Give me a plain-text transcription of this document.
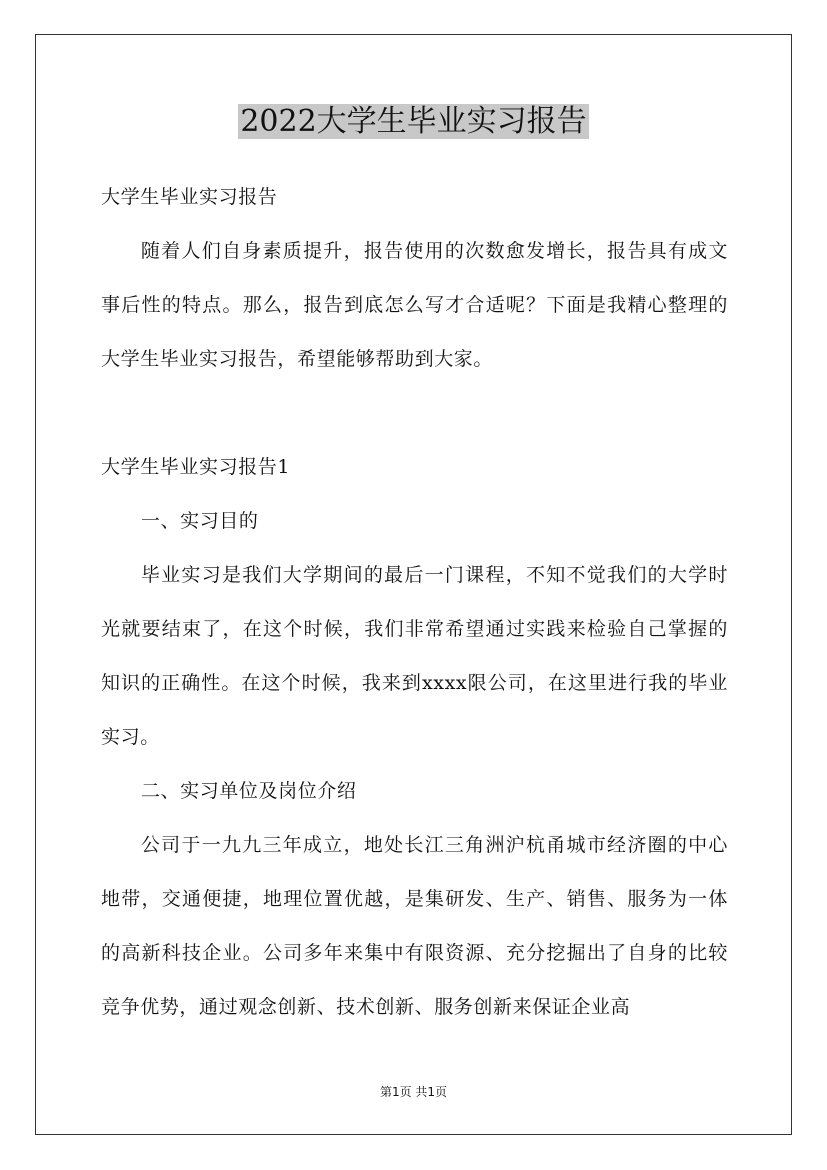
2022大学生毕业实习报告

大学生毕业实习报告

随着人们自身素质提升，报告使用的次数愈发增长，报告具有成文事后性的特点。那么，报告到底怎么写才合适呢？下面是我精心整理的大学生毕业实习报告，希望能够帮助到大家。

大学生毕业实习报告1

一、实习目的

毕业实习是我们大学期间的最后一门课程，不知不觉我们的大学时光就要结束了，在这个时候，我们非常希望通过实践来检验自己掌握的知识的正确性。在这个时候，我来到xxxx限公司，在这里进行我的毕业实习。

二、实习单位及岗位介绍

公司于一九九三年成立，地处长江三角洲沪杭甬城市经济圈的中心地带，交通便捷，地理位置优越，是集研发、生产、销售、服务为一体的高新科技企业。公司多年来集中有限资源、充分挖掘出了自身的比较竞争优势，通过观念创新、技术创新、服务创新来保证企业高

第1页 共1页
